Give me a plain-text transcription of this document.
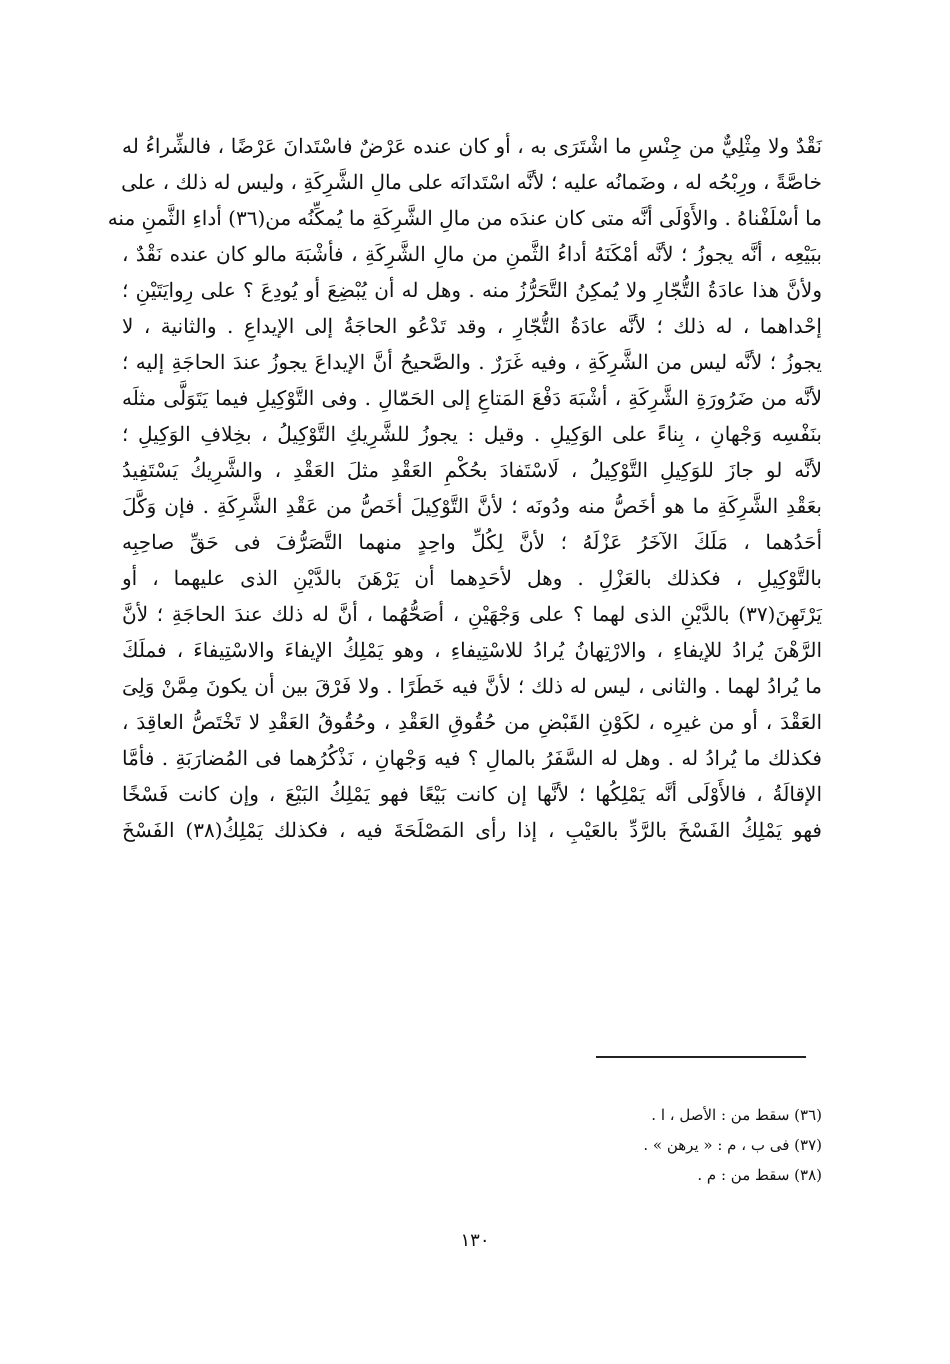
نَقْدٌ ولا مِثْلِيٌّ من جِنْسِ ما اشْتَرَى به ، أو كان عنده عَرْضٌ فاسْتَدانَ عَرْضًا ، فالشِّراءُ له
خاصَّةً ، ورِبْحُه له ، وضَمانُه عليه ؛ لأنَّه اسْتَدانَه على مالِ الشَّرِكَةِ ، وليس له ذلك ، على
ما أسْلَفْناهُ . والأَوْلَى أنَّه متى كان عندَه من مالِ الشَّرِكَةِ ما يُمكِّنُه من(٣٦) أداءِ الثَّمنِ منه
ببَيْعِه ، أنَّه يجوزُ ؛ لأنَّه أمْكَنَهُ أداءُ الثَّمنِ من مالِ الشَّرِكَةِ ، فأشْبَهَ مالو كان عنده نَقْدٌ ،
ولأنَّ هذا عادَةُ التُّجّارِ ولا يُمكِنُ التَّحَرُّزُ منه . وهل له أن يُبْضِعَ أو يُودِعَ ؟ على رِوايَتَيْنِ ؛
إحْداهما ، له ذلك ؛ لأنَّه عادَةُ التُّجّارِ ، وقد تَدْعُو الحاجَةُ إلى الإيداعِ . والثانية ، لا
يجوزُ ؛ لأنَّه ليس من الشَّرِكَةِ ، وفيه غَرَرٌ . والصَّحيحُ أنَّ الإيداعَ يجوزُ عندَ الحاجَةِ إليه ؛
لأنَّه من ضَرُورَةِ الشَّرِكَةِ ، أشْبَهَ دَفْعَ المَتاعِ إلى الحَمّالِ . وفى التَّوْكِيلِ فيما يَتَوَلَّى مثلَه
بنَفْسِه وَجْهانِ ، بِناءً على الوَكِيلِ . وقيل : يجوزُ للشَّرِيكِ التَّوْكِيلُ ، بخِلافِ الوَكِيلِ ؛
لأنَّه لو جازَ للوَكِيلِ التَّوْكِيلُ ، لَاسْتَفادَ بحُكْمِ العَقْدِ مثلَ العَقْدِ ، والشَّرِيكُ يَسْتَفِيدُ
بعَقْدِ الشَّرِكَةِ ما هو أخَصُّ منه ودُونَه ؛ لأنَّ التَّوْكِيلَ أخَصُّ من عَقْدِ الشَّرِكَةِ . فإن وَكَّلَ
أحَدُهما ، مَلَكَ الآخَرُ عَزْلَهُ ؛ لأنَّ لِكُلِّ واحِدٍ منهما التَّصَرُّفَ فى حَقِّ صاحِبِه
بالتَّوْكِيلِ ، فكذلك بالعَزْلِ . وهل لأحَدِهما أن يَرْهَنَ بالدَّيْنِ الذى عليهما ، أو
يَرْتَهِنَ(٣٧) بالدَّيْنِ الذى لهما ؟ على وَجْهَيْنِ ، أصَحُّهُما ، أنَّ له ذلك عندَ الحاجَةِ ؛ لأنَّ
الرَّهْنَ يُرادُ للإيفاءِ ، والارْتِهانُ يُرادُ للاسْتِيفاءِ ، وهو يَمْلِكُ الإيفاءَ والاسْتِيفاءَ ، فملَكَ
ما يُرادُ لهما . والثانى ، ليس له ذلك ؛ لأنَّ فيه خَطَرًا . ولا فَرْقَ بين أن يكونَ مِمَّنْ وَلِىَ
العَقْدَ ، أو من غيرِه ، لكَوْنِ القَبْضِ من حُقُوقِ العَقْدِ ، وحُقُوقُ العَقْدِ لا تَخْتَصُّ العاقِدَ ،
فكذلك ما يُرادُ له . وهل له السَّفَرُ بالمالِ ؟ فيه وَجْهانِ ، نَذْكُرُهما فى المُضارَبَةِ . فأمَّا
الإقالَةُ ، فالأَوْلَى أنَّه يَمْلِكُها ؛ لأنَّها إن كانت بَيْعًا فهو يَمْلِكُ البَيْعَ ، وإن كانت فَسْخًا
فهو يَمْلِكُ الفَسْخَ بالرَّدِّ بالعَيْبِ ، إذا رأى المَصْلَحَةَ فيه ، فكذلك يَمْلِكُ(٣٨) الفَسْخَ
(٣٦) سقط من : الأصل ، ا .
(٣٧) فى ب ، م : « يرهن » .
(٣٨) سقط من : م .
١٣٠
